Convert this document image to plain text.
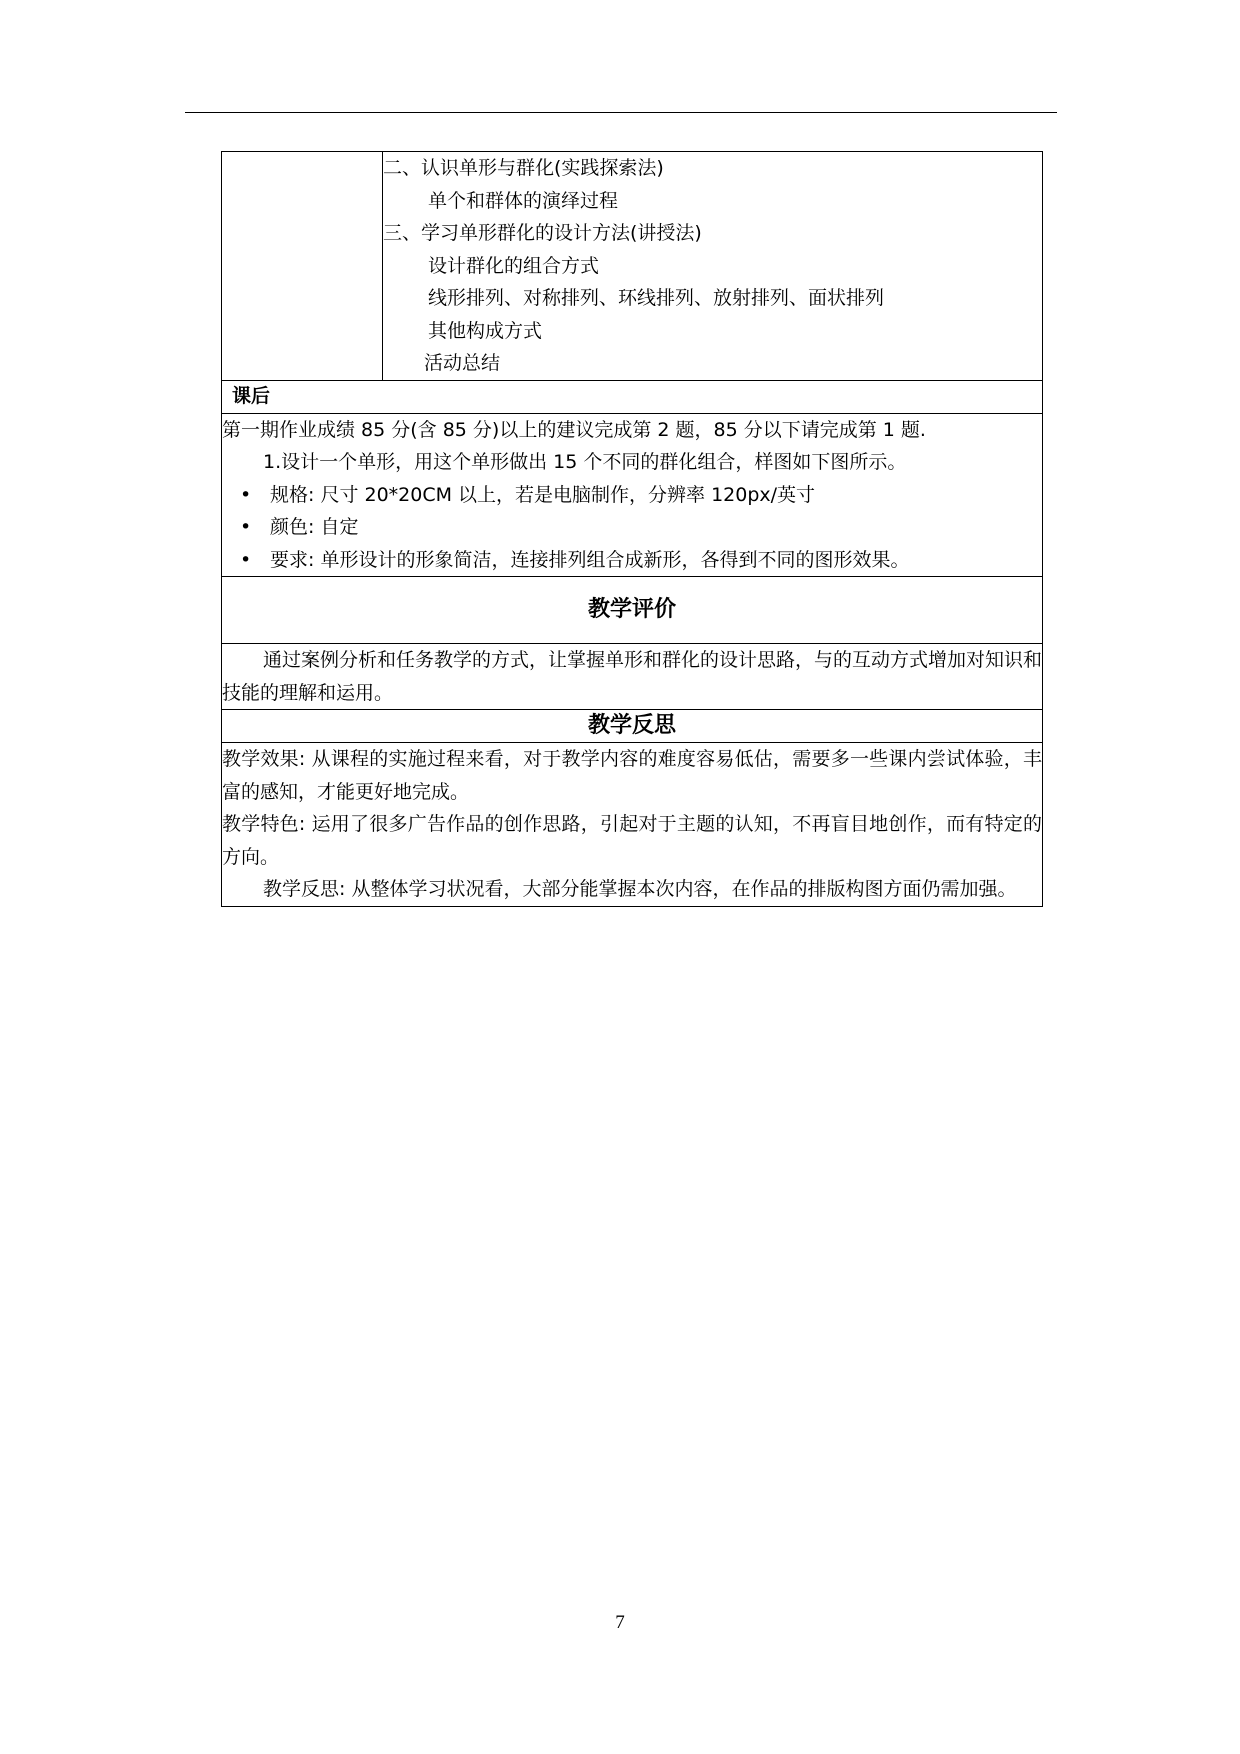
二、认识单形与群化(实践探索法)
单个和群体的演绎过程
三、学习单形群化的设计方法(讲授法)
设计群化的组合方式
线形排列、对称排列、环线排列、放射排列、面状排列
其他构成方式
活动总结

课后

第一期作业成绩 85 分(含 85 分)以上的建议完成第 2 题，85 分以下请完成第 1 题.
1.设计一个单形，用这个单形做出 15 个不同的群化组合，样图如下图所示。
• 规格: 尺寸 20*20CM 以上，若是电脑制作，分辨率 120px/英寸
• 颜色: 自定
• 要求: 单形设计的形象简洁，连接排列组合成新形，各得到不同的图形效果。

教学评价

通过案例分析和任务教学的方式，让掌握单形和群化的设计思路，与的互动方式增加对知识和技能的理解和运用。

教学反思

教学效果: 从课程的实施过程来看，对于教学内容的难度容易低估，需要多一些课内尝试体验，丰富的感知，才能更好地完成。

教学特色: 运用了很多广告作品的创作思路，引起对于主题的认知，不再盲目地创作，而有特定的方向。

教学反思: 从整体学习状况看，大部分能掌握本次内容，在作品的排版构图方面仍需加强。

7
